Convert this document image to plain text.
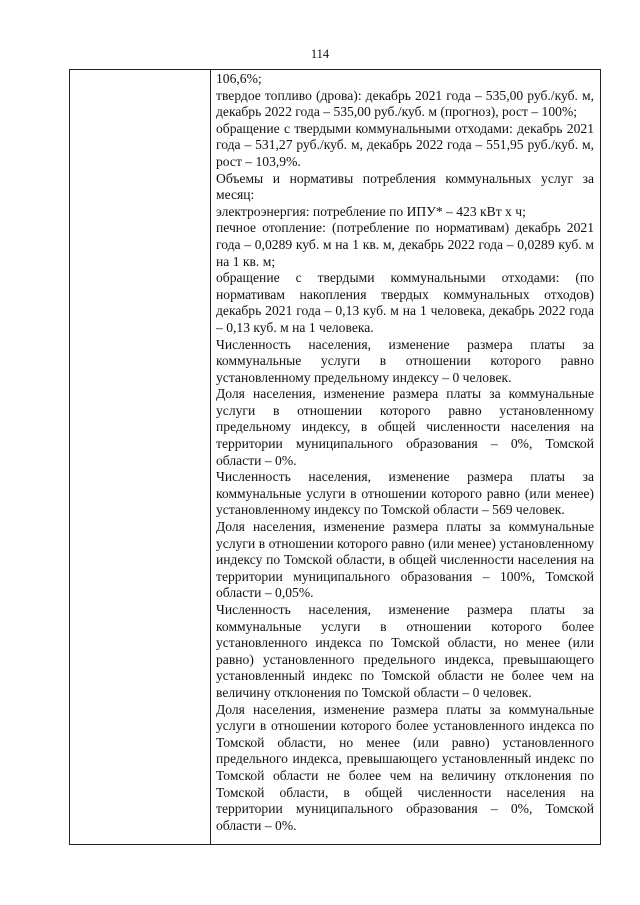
114

106,6%;

твердое топливо (дрова): декабрь 2021 года – 535,00 руб./куб. м, декабрь 2022 года – 535,00 руб./куб. м (прогноз), рост – 100%;

обращение с твердыми коммунальными отходами: декабрь 2021 года – 531,27 руб./куб. м, декабрь 2022 года – 551,95 руб./куб. м, рост – 103,9%.

Объемы и нормативы потребления коммунальных услуг за месяц:

электроэнергия: потребление по ИПУ* – 423 кВт х ч;

печное отопление: (потребление по нормативам) декабрь 2021 года – 0,0289 куб. м на 1 кв. м, декабрь 2022 года – 0,0289 куб. м на 1 кв. м;

обращение с твердыми коммунальными отходами: (по нормативам накопления твердых коммунальных отходов) декабрь 2021 года – 0,13 куб. м на 1 человека, декабрь 2022 года – 0,13 куб. м на 1 человека.

Численность населения, изменение размера платы за коммунальные услуги в отношении которого равно установленному предельному индексу – 0 человек.

Доля населения, изменение размера платы за коммунальные услуги в отношении которого равно установленному предельному индексу, в общей численности населения на территории муниципального образования – 0%, Томской области – 0%.

Численность населения, изменение размера платы за коммунальные услуги в отношении которого равно (или менее) установленному индексу по Томской области – 569 человек.

Доля населения, изменение размера платы за коммунальные услуги в отношении которого равно (или менее) установленному индексу по Томской области, в общей численности населения на территории муниципального образования – 100%, Томской области – 0,05%.

Численность населения, изменение размера платы за коммунальные услуги в отношении которого более установленного индекса по Томской области, но менее (или равно) установленного предельного индекса, превышающего установленный индекс по Томской области не более чем на величину отклонения по Томской области – 0 человек.

Доля населения, изменение размера платы за коммунальные услуги в отношении которого более установленного индекса по Томской области, но менее (или равно) установленного предельного индекса, превышающего установленный индекс по Томской области не более чем на величину отклонения по Томской области, в общей численности населения на территории муниципального образования – 0%, Томской области – 0%.
